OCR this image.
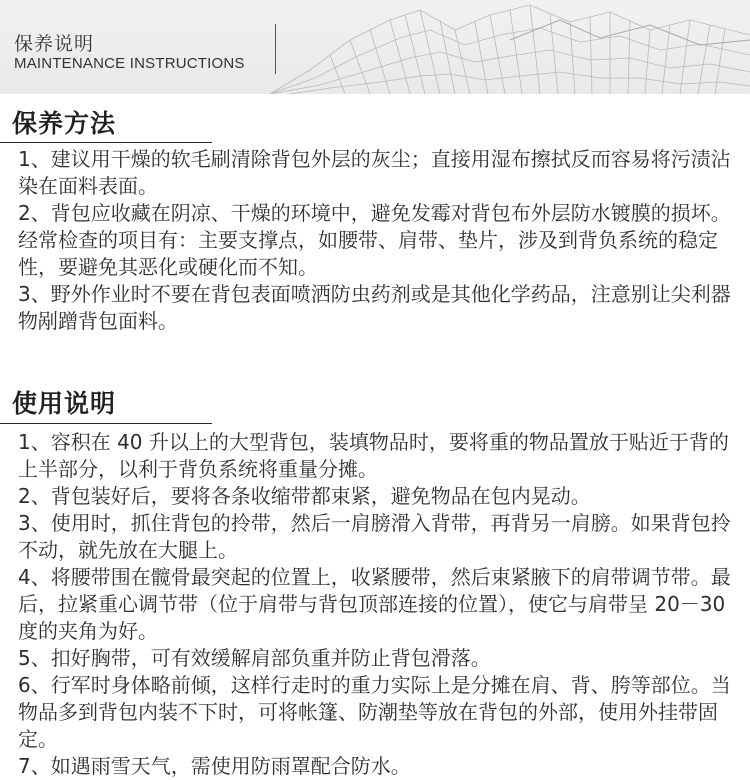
保养说明
MAINTENANCE INSTRUCTIONS
保养方法
1、建议用干燥的软毛刷清除背包外层的灰尘；直接用湿布擦拭反而容易将污渍沾染在面料表面。
2、背包应收藏在阴凉、干燥的环境中，避免发霉对背包布外层防水镀膜的损坏。经常检查的项目有：主要支撑点，如腰带、肩带、垫片，涉及到背负系统的稳定性，要避免其恶化或硬化而不知。
3、野外作业时不要在背包表面喷洒防虫药剂或是其他化学药品，注意别让尖利器物剐蹭背包面料。
使用说明
1、容积在 40 升以上的大型背包，装填物品时，要将重的物品置放于贴近于背的上半部分，以利于背负系统将重量分摊。
2、背包装好后，要将各条收缩带都束紧，避免物品在包内晃动。
3、使用时，抓住背包的拎带，然后一肩膀滑入背带，再背另一肩膀。如果背包拎不动，就先放在大腿上。
4、将腰带围在髋骨最突起的位置上，收紧腰带，然后束紧腋下的肩带调节带。最后，拉紧重心调节带（位于肩带与背包顶部连接的位置），使它与肩带呈 20－30 度的夹角为好。
5、扣好胸带，可有效缓解肩部负重并防止背包滑落。
6、行军时身体略前倾，这样行走时的重力实际上是分摊在肩、背、胯等部位。当物品多到背包内装不下时，可将帐篷、防潮垫等放在背包的外部，使用外挂带固定。
7、如遇雨雪天气，需使用防雨罩配合防水。
